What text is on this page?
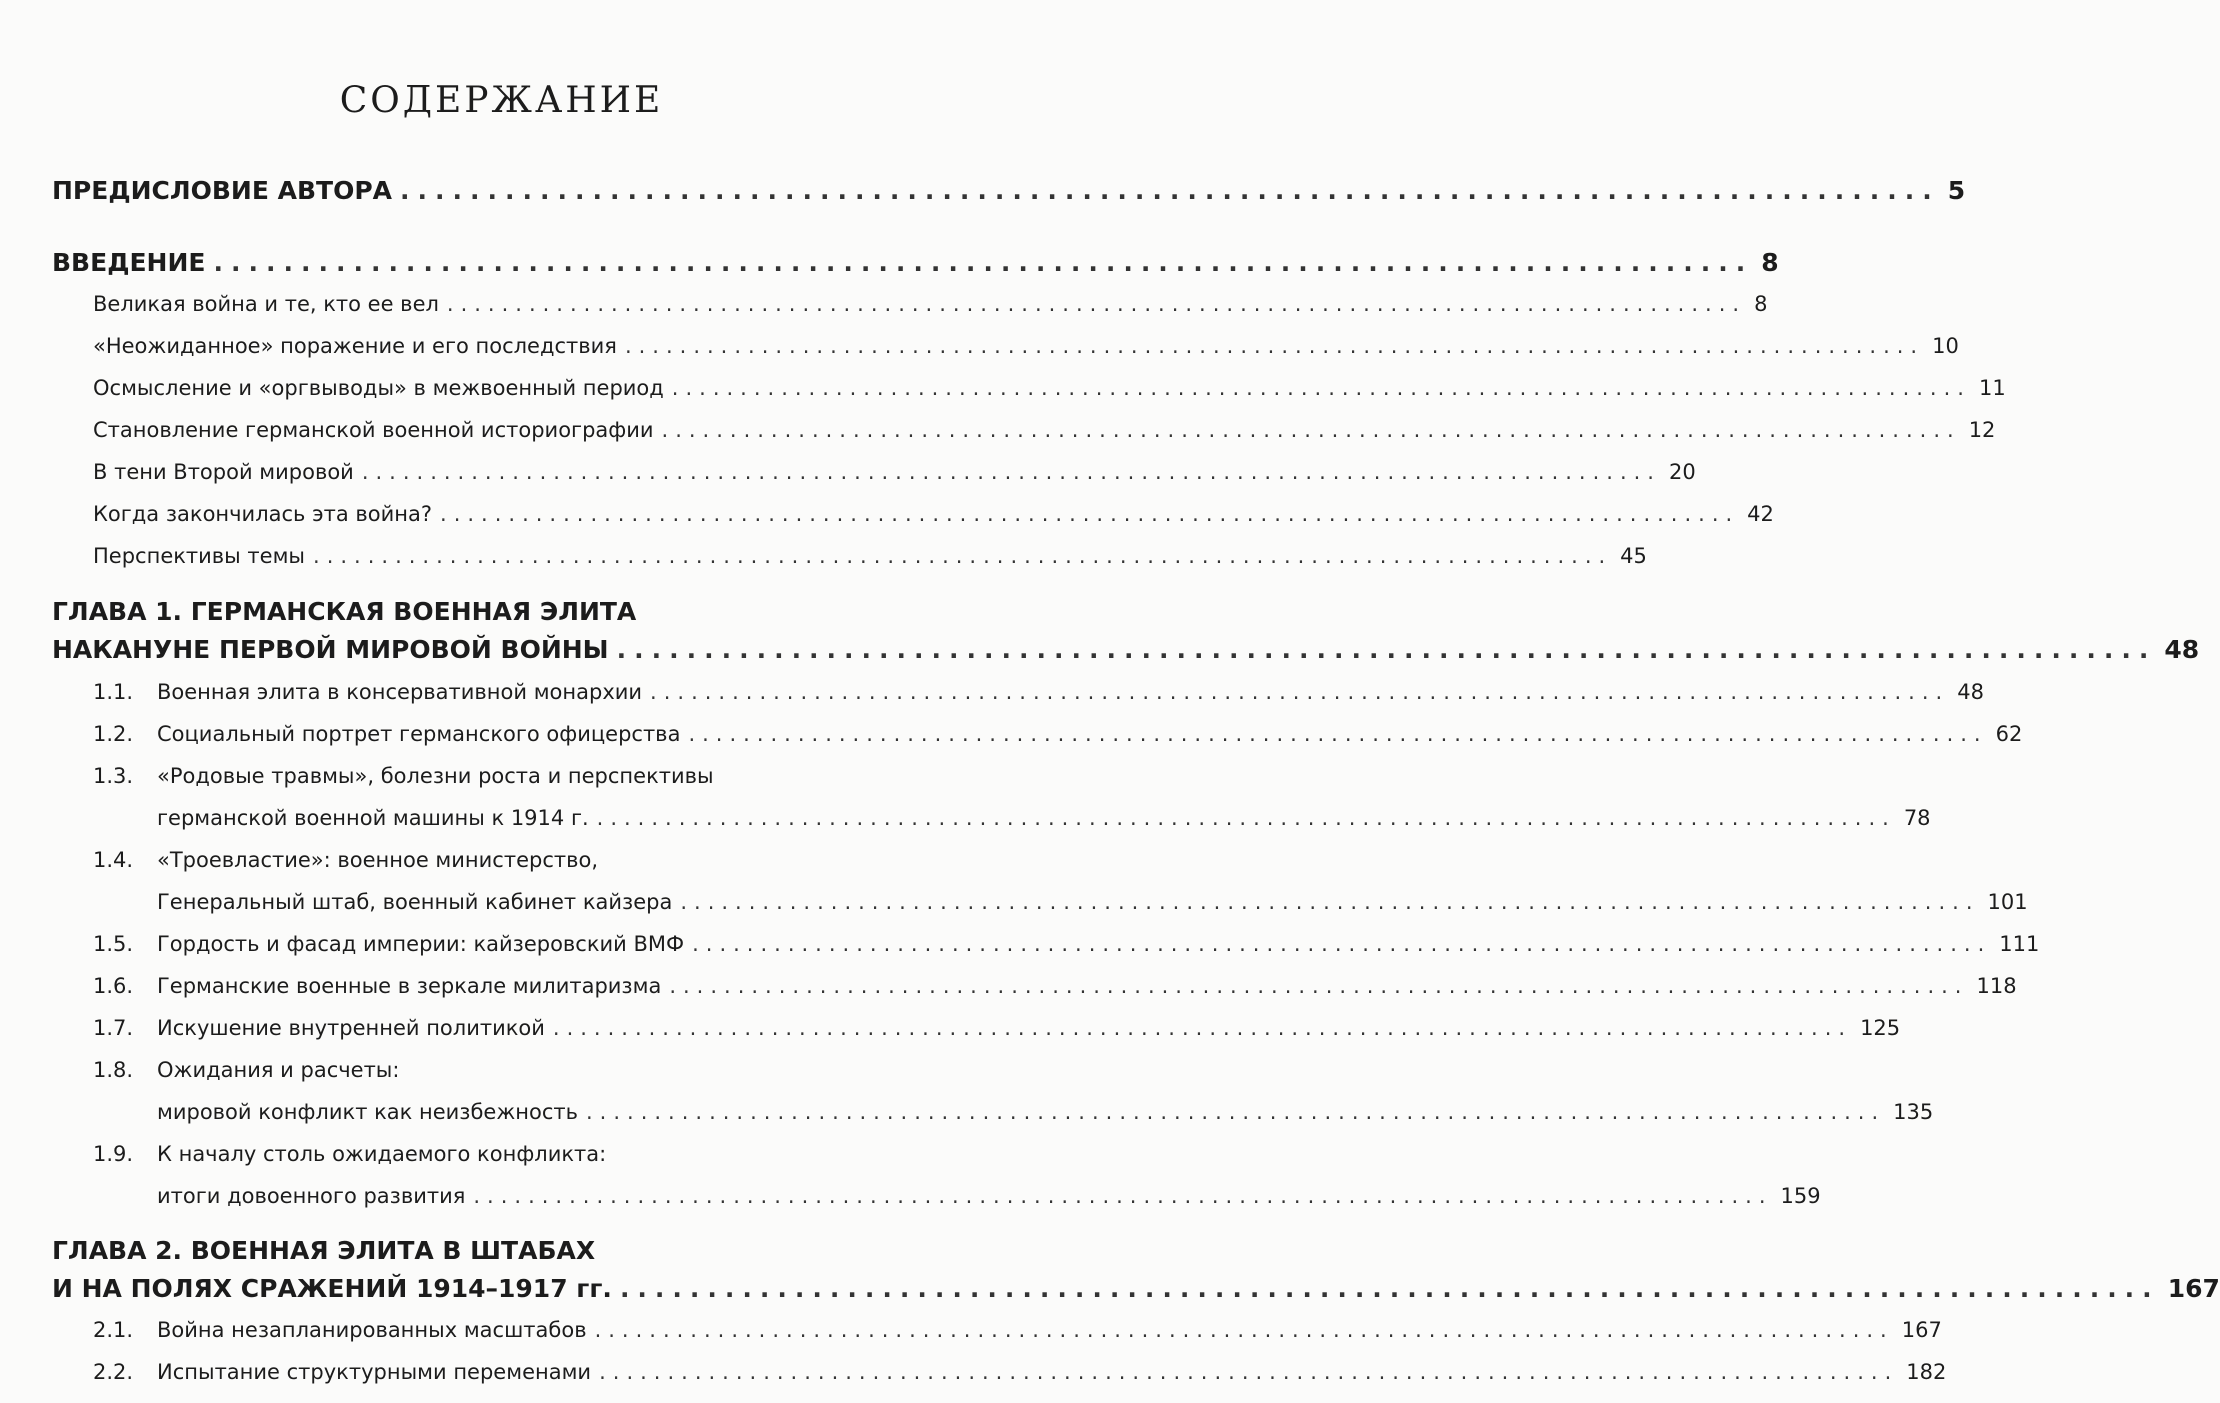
СОДЕРЖАНИЕ
ПРЕДИСЛОВИЕ АВТОРА ........................................................................................ 5
ВВЕДЕНИЕ ........................................................................................ 8
Великая война и те, кто ее вел ............................................................................................... 8
«Неожиданное» поражение и его последствия ............................................................................................... 10
Осмысление и «оргвыводы» в межвоенный период ............................................................................................... 11
Становление германской военной историографии ............................................................................................... 12
В тени Второй мировой ............................................................................................... 20
Когда закончилась эта война? ............................................................................................... 42
Перспективы темы ............................................................................................... 45
ГЛАВА 1. ГЕРМАНСКАЯ ВОЕННАЯ ЭЛИТА
НАКАНУНЕ ПЕРВОЙ МИРОВОЙ ВОЙНЫ ........................................................................................ 48
1.1. Военная элита в консервативной монархии ............................................................................................... 48
1.2. Социальный портрет германского офицерства ............................................................................................... 62
1.3. «Родовые травмы», болезни роста и перспективы
германской военной машины к 1914 г. ............................................................................................... 78
1.4. «Троевластие»: военное министерство,
Генеральный штаб, военный кабинет кайзера ............................................................................................... 101
1.5. Гордость и фасад империи: кайзеровский ВМФ ............................................................................................... 111
1.6. Германские военные в зеркале милитаризма ............................................................................................... 118
1.7. Искушение внутренней политикой ............................................................................................... 125
1.8. Ожидания и расчеты:
мировой конфликт как неизбежность ............................................................................................... 135
1.9. К началу столь ожидаемого конфликта:
итоги довоенного развития ............................................................................................... 159
ГЛАВА 2. ВОЕННАЯ ЭЛИТА В ШТАБАХ
И НА ПОЛЯХ СРАЖЕНИЙ 1914–1917 гг. ........................................................................................ 167
2.1. Война незапланированных масштабов ............................................................................................... 167
2.2. Испытание структурными переменами ............................................................................................... 182
